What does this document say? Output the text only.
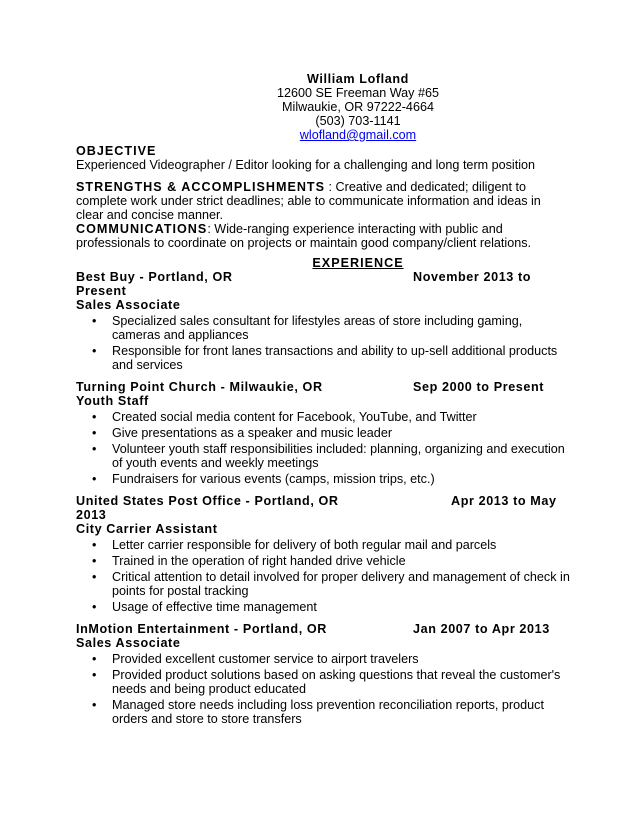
William Lofland
12600 SE Freeman Way #65
Milwaukie, OR 97222-4664
(503) 703-1141
wlofland@gmail.com
OBJECTIVE

Experienced Videographer / Editor looking for a challenging and long term position

STRENGTHS & ACCOMPLISHMENTS : Creative and dedicated; diligent to complete work under strict deadlines; able to communicate information and ideas in clear and concise manner.

COMMUNICATIONS: Wide-ranging experience interacting with public and professionals to coordinate on projects or maintain good company/client relations.

EXPERIENCE
Best Buy - Portland, OR	November 2013 to Present
Sales Associate
• Specialized sales consultant for lifestyles areas of store including gaming, cameras and appliances
• Responsible for front lanes transactions and ability to up-sell additional products and services
Turning Point Church - Milwaukie, OR	Sep 2000 to Present
Youth Staff
• Created social media content for Facebook, YouTube, and Twitter
• Give presentations as a speaker and music leader
• Volunteer youth staff responsibilities included: planning, organizing and execution of youth events and weekly meetings
• Fundraisers for various events (camps, mission trips, etc.)
United States Post Office - Portland, OR	Apr 2013 to May 2013
City Carrier Assistant
• Letter carrier responsible for delivery of both regular mail and parcels
• Trained in the operation of right handed drive vehicle
• Critical attention to detail involved for proper delivery and management of check in points for postal tracking
• Usage of effective time management
InMotion Entertainment - Portland, OR	Jan 2007 to Apr 2013
Sales Associate
• Provided excellent customer service to airport travelers
• Provided product solutions based on asking questions that reveal the customer's needs and being product educated
• Managed store needs including loss prevention reconciliation reports, product orders and store to store transfers
